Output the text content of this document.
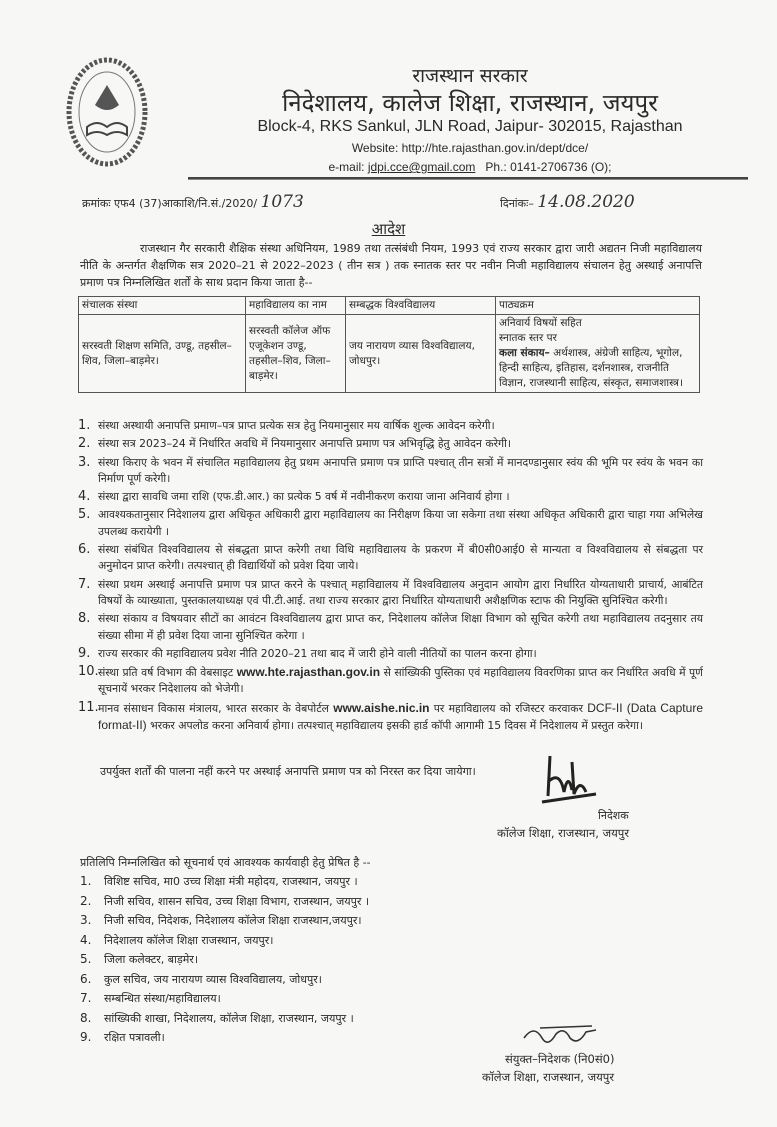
राजस्थान सरकार
निदेशालय, कालेज शिक्षा, राजस्थान, जयपुर
Block-4, RKS Sankul, JLN Road, Jaipur- 302015, Rajasthan
Website: http://hte.rajasthan.gov.in/dept/dce/
e-mail: jdpi.cce@gmail.com Ph.: 0141-2706736 (O);
क्रमांकः एफ4 (37)आकाशि/नि.सं./2020/ 1073	दिनांकः– 14.08.2020
आदेश

राजस्थान गैर सरकारी शैक्षिक संस्था अधिनियम, 1989 तथा तत्संबंधी नियम, 1993 एवं राज्य सरकार द्वारा जारी अद्यतन निजी महाविद्यालय नीति के अन्तर्गत शैक्षणिक सत्र 2020–21 से 2022–2023 ( तीन सत्र ) तक स्नातक स्तर पर नवीन निजी महाविद्यालय संचालन हेतु अस्थाई अनापत्ति प्रमाण पत्र निम्नलिखित शर्तों के साथ प्रदान किया जाता है--

संचालक संस्था	महाविद्यालय का नाम	सम्बद्धक विश्वविद्यालय	पाठ्यक्रम
सरस्वती शिक्षण समिति, उण्डू, तहसील–शिव, जिला–बाड़मेर।	सरस्वती कॉलेज ऑफ एजूकेशन उण्डू, तहसील–शिव, जिला–बाड़मेर।	जय नारायण व्यास विश्वविद्यालय, जोधपुर।	अनिवार्य विषयों सहित
स्नातक स्तर पर
कला संकाय– अर्थशास्त्र, अंग्रेजी साहित्य, भूगोल, हिन्दी साहित्य, इतिहास, दर्शनशास्त्र, राजनीति विज्ञान, राजस्थानी साहित्य, संस्कृत, समाजशास्त्र।
1. संस्था अस्थायी अनापत्ति प्रमाण–पत्र प्राप्त प्रत्येक सत्र हेतु नियमानुसार मय वार्षिक शुल्क आवेदन करेगी।
2. संस्था सत्र 2023–24 में निर्धारित अवधि में नियमानुसार अनापत्ति प्रमाण पत्र अभिवृद्धि हेतु आवेदन करेगी।
3. संस्था किराए के भवन में संचालित महाविद्यालय हेतु प्रथम अनापत्ति प्रमाण पत्र प्राप्ति पश्चात् तीन सत्रों में मानदण्डानुसार स्वंय की भूमि पर स्वंय के भवन का निर्माण पूर्ण करेगी।
4. संस्था द्वारा सावधि जमा राशि (एफ.डी.आर.) का प्रत्येक 5 वर्ष में नवीनीकरण कराया जाना अनिवार्य होगा ।
5. आवश्यकतानुसार निदेशालय द्वारा अधिकृत अधिकारी द्वारा महाविद्यालय का निरीक्षण किया जा सकेगा तथा संस्था अधिकृत अधिकारी द्वारा चाहा गया अभिलेख उपलब्ध करायेगी ।
6. संस्था संबंधित विश्वविद्यालय से संबद्धता प्राप्त करेगी तथा विधि महाविद्यालय के प्रकरण में बी0सी0आई0 से मान्यता व विश्वविद्यालय से संबद्धता पर अनुमोदन प्राप्त करेगी। तत्पश्चात् ही विद्यार्थियों को प्रवेश दिया जाये।
7. संस्था प्रथम अस्थाई अनापत्ति प्रमाण पत्र प्राप्त करने के पश्चात् महाविद्यालय में विश्वविद्यालय अनुदान आयोग द्वारा निर्धारित योग्यताधारी प्राचार्य, आबंटित विषयों के व्याख्याता, पुस्तकालयाध्यक्ष एवं पी.टी.आई. तथा राज्य सरकार द्वारा निर्धारित योग्यताधारी अशैक्षणिक स्टाफ की नियुक्ति सुनिश्चित करेगी।
8. संस्था संकाय व विषयवार सीटों का आवंटन विश्वविद्यालय द्वारा प्राप्त कर, निदेशालय कॉलेज शिक्षा विभाग को सूचित करेगी तथा महाविद्यालय तदनुसार तय संख्या सीमा में ही प्रवेश दिया जाना सुनिश्चित करेगा ।
9. राज्य सरकार की महाविद्यालय प्रवेश नीति 2020–21 तथा बाद में जारी होने वाली नीतियों का पालन करना होगा।
10. संस्था प्रति वर्ष विभाग की वेबसाइट www.hte.rajasthan.gov.in से सांख्यिकी पुस्तिका एवं महाविद्यालय विवरणिका प्राप्त कर निर्धारित अवधि में पूर्ण सूचनायें भरकर निदेशालय को भेजेगी।
11. मानव संसाधन विकास मंत्रालय, भारत सरकार के वेबपोर्टल www.aishe.nic.in पर महाविद्यालय को रजिस्टर करवाकर DCF-II (Data Capture format-II) भरकर अपलोड करना अनिवार्य होगा। तत्पश्चात् महाविद्यालय इसकी हार्ड कॉपी आगामी 15 दिवस में निदेशालय में प्रस्तुत करेगा।
उपर्युक्त शर्तों की पालना नहीं करने पर अस्थाई अनापत्ति प्रमाण पत्र को निरस्त कर दिया जायेगा।
निदेशक
कॉलेज शिक्षा, राजस्थान, जयपुर
प्रतिलिपि निम्नलिखित को सूचनार्थ एवं आवश्यक कार्यवाही हेतु प्रेषित है --
1. विशिष्ट सचिव, मा0 उच्च शिक्षा मंत्री महोदय, राजस्थान, जयपुर ।
2. निजी सचिव, शासन सचिव, उच्च शिक्षा विभाग, राजस्थान, जयपुर ।
3. निजी सचिव, निदेशक, निदेशालय कॉलेज शिक्षा राजस्थान,जयपुर।
4. निदेशालय कॉलेज शिक्षा राजस्थान, जयपुर।
5. जिला कलेक्टर, बाड़मेर।
6. कुल सचिव, जय नारायण व्यास विश्वविद्यालय, जोधपुर।
7. सम्बन्धित संस्था/महाविद्यालय।
8. सांख्यिकी शाखा, निदेशालय, कॉलेज शिक्षा, राजस्थान, जयपुर ।
9. रक्षित पत्रावली।
संयुक्त–निदेशक (नि0सं0)
कॉलेज शिक्षा, राजस्थान, जयपुर
